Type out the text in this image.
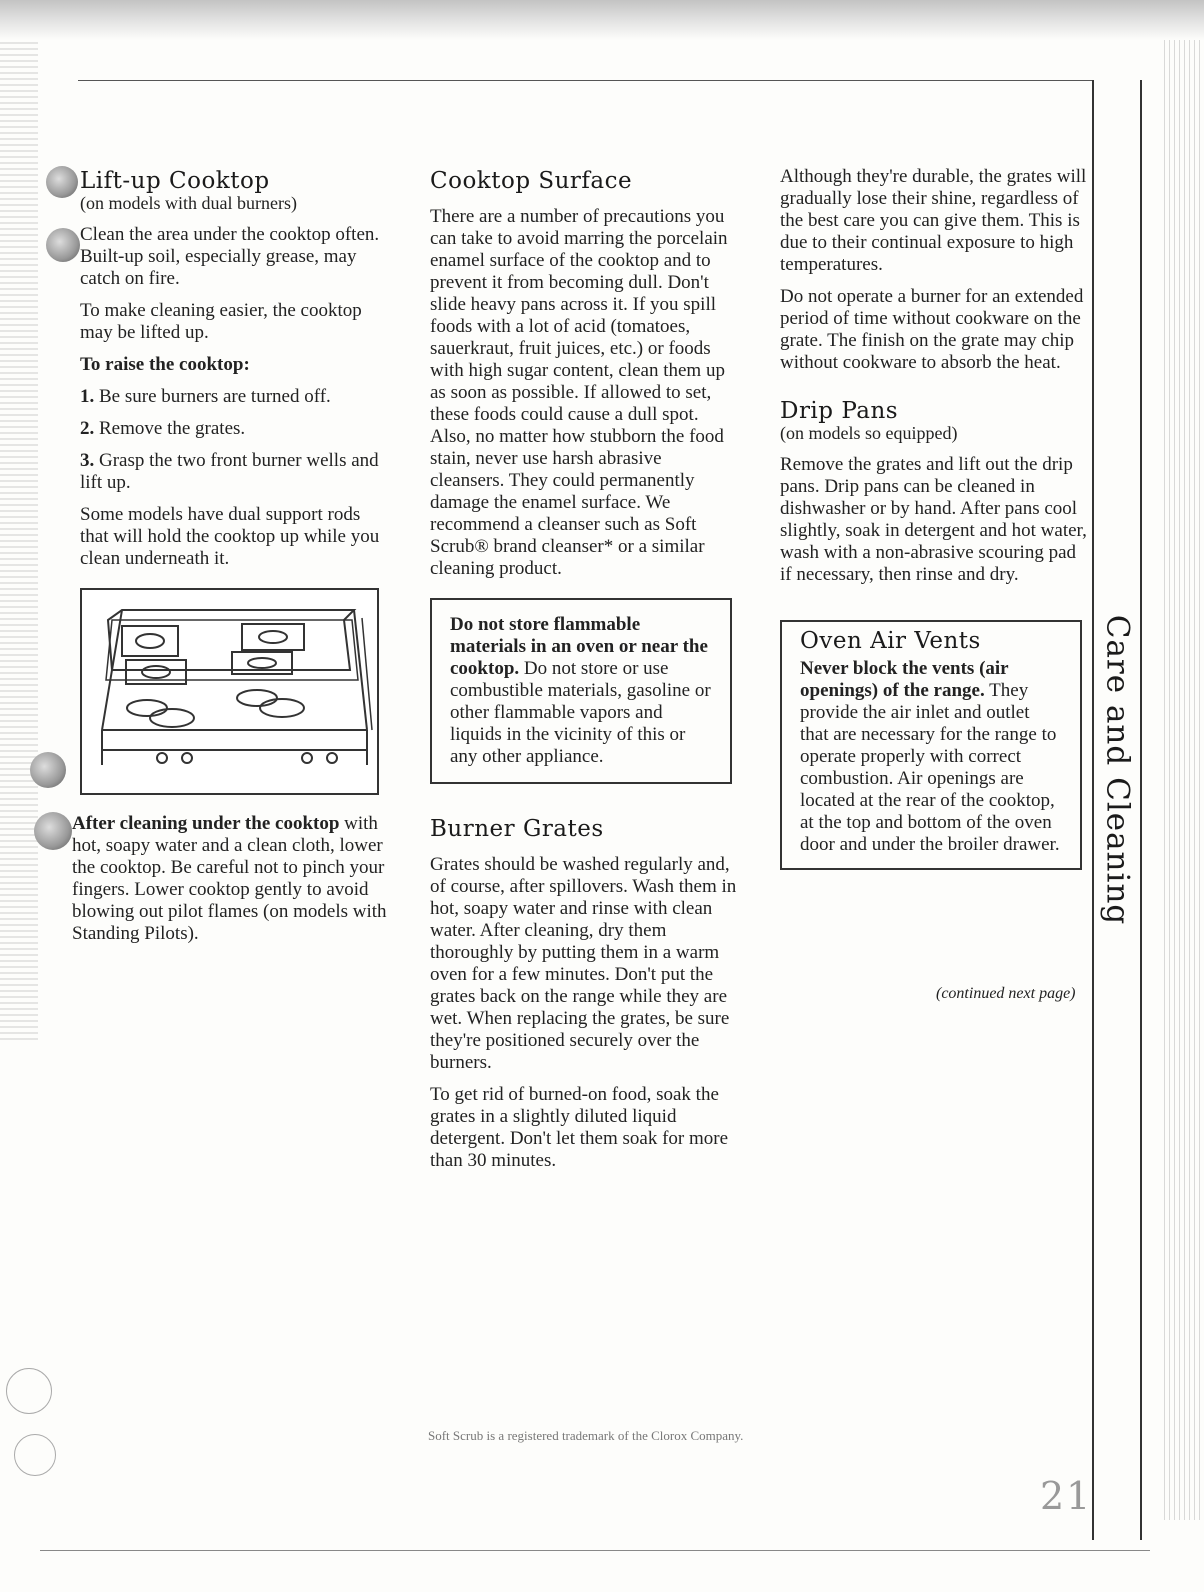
Lift-up Cooktop

(on models with dual burners)

Clean the area under the cooktop often. Built-up soil, especially grease, may catch on fire.

To make cleaning easier, the cooktop may be lifted up.

To raise the cooktop:

1. Be sure burners are turned off.

2. Remove the grates.

3. Grasp the two front burner wells and lift up.

Some models have dual support rods that will hold the cooktop up while you clean underneath it.

After cleaning under the cooktop with hot, soapy water and a clean cloth, lower the cooktop. Be careful not to pinch your fingers. Lower cooktop gently to avoid blowing out pilot flames (on models with Standing Pilots).

Cooktop Surface

There are a number of precautions you can take to avoid marring the porcelain enamel surface of the cooktop and to prevent it from becoming dull. Don't slide heavy pans across it. If you spill foods with a lot of acid (tomatoes, sauerkraut, fruit juices, etc.) or foods with high sugar content, clean them up as soon as possible. If allowed to set, these foods could cause a dull spot. Also, no matter how stubborn the food stain, never use harsh abrasive cleansers. They could permanently damage the enamel surface. We recommend a cleanser such as Soft Scrub® brand cleanser* or a similar cleaning product.

Do not store flammable materials in an oven or near the cooktop. Do not store or use combustible materials, gasoline or other flammable vapors and liquids in the vicinity of this or any other appliance.
Burner Grates

Grates should be washed regularly and, of course, after spillovers. Wash them in hot, soapy water and rinse with clean water. After cleaning, dry them thoroughly by putting them in a warm oven for a few minutes. Don't put the grates back on the range while they are wet. When replacing the grates, be sure they're positioned securely over the burners.

To get rid of burned-on food, soak the grates in a slightly diluted liquid detergent. Don't let them soak for more than 30 minutes.

Although they're durable, the grates will gradually lose their shine, regardless of the best care you can give them. This is due to their continual exposure to high temperatures.

Do not operate a burner for an extended period of time without cookware on the grate. The finish on the grate may chip without cookware to absorb the heat.

Drip Pans

(on models so equipped)

Remove the grates and lift out the drip pans. Drip pans can be cleaned in dishwasher or by hand. After pans cool slightly, soak in detergent and hot water, wash with a non-abrasive scouring pad if necessary, then rinse and dry.

Oven Air Vents
Never block the vents (air openings) of the range. They provide the air inlet and outlet that are necessary for the range to operate properly with correct combustion. Air openings are located at the rear of the cooktop, at the top and bottom of the oven door and under the broiler drawer.
(continued next page)
Care and Cleaning
Soft Scrub is a registered trademark of the Clorox Company.
21
